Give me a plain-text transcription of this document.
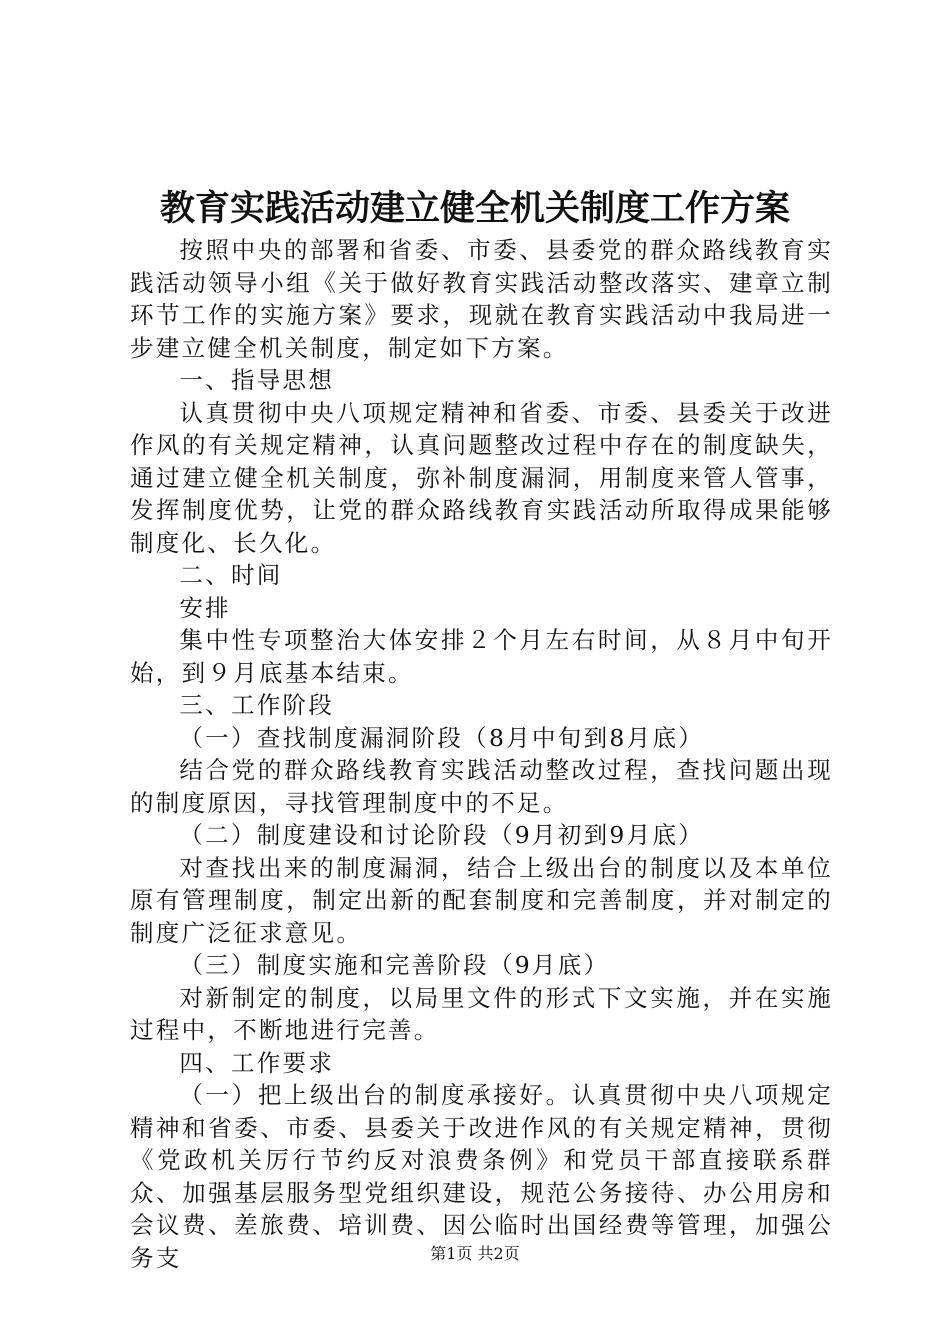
教育实践活动建立健全机关制度工作方案

按照中央的部署和省委、市委、县委党的群众路线教育实践活动领导小组《关于做好教育实践活动整改落实、建章立制环节工作的实施方案》要求，现就在教育实践活动中我局进一步建立健全机关制度，制定如下方案。

一、指导思想

认真贯彻中央八项规定精神和省委、市委、县委关于改进作风的有关规定精神，认真问题整改过程中存在的制度缺失，通过建立健全机关制度，弥补制度漏洞，用制度来管人管事，发挥制度优势，让党的群众路线教育实践活动所取得成果能够制度化、长久化。

二、时间

安排

集中性专项整治大体安排２个月左右时间，从８月中旬开始，到９月底基本结束。

三、工作阶段

（一）查找制度漏洞阶段（8月中旬到8月底）

结合党的群众路线教育实践活动整改过程，查找问题出现的制度原因，寻找管理制度中的不足。

（二）制度建设和讨论阶段（9月初到9月底）

对查找出来的制度漏洞，结合上级出台的制度以及本单位原有管理制度，制定出新的配套制度和完善制度，并对制定的制度广泛征求意见。

（三）制度实施和完善阶段（9月底）

对新制定的制度，以局里文件的形式下文实施，并在实施过程中，不断地进行完善。

四、工作要求

（一）把上级出台的制度承接好。认真贯彻中央八项规定精神和省委、市委、县委关于改进作风的有关规定精神，贯彻《党政机关厉行节约反对浪费条例》和党员干部直接联系群众、加强基层服务型党组织建设，规范公务接待、办公用房和会议费、差旅费、培训费、因公临时出国经费等管理，加强公务支	第1页 共2页
